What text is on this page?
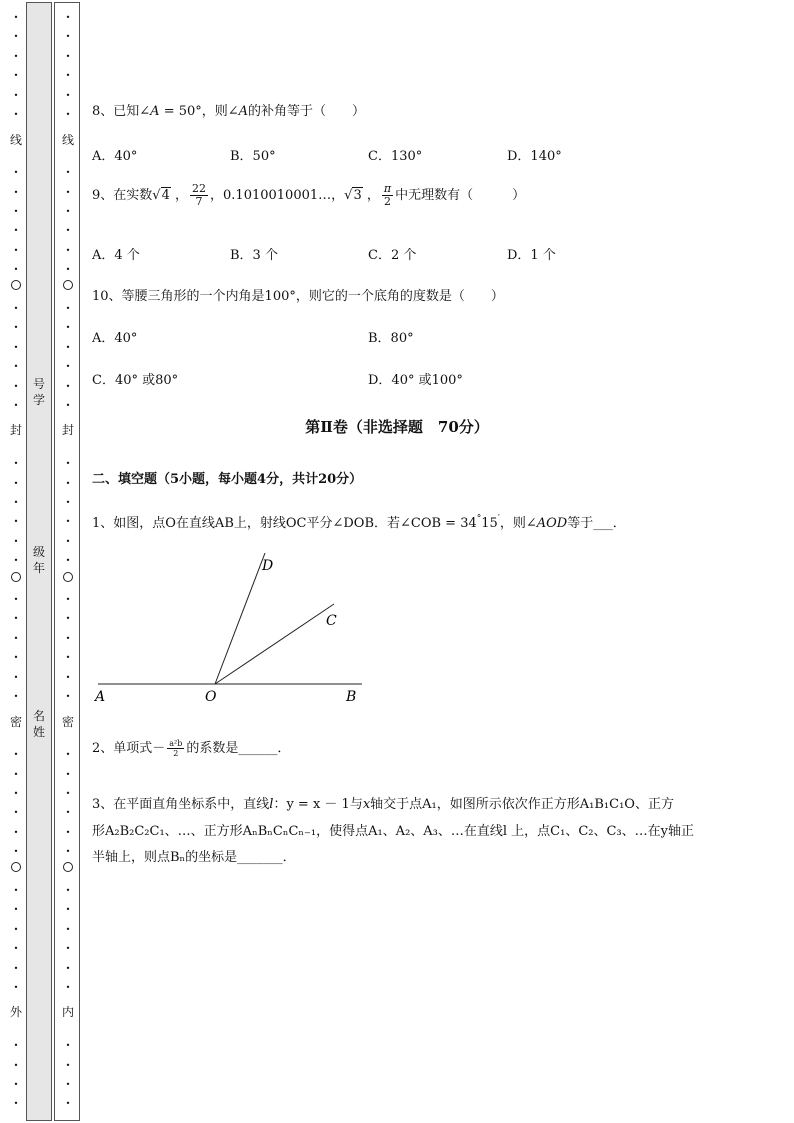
•
•
•
•
•
•
•
•
•
•
•
•
•
•
•
•
•
•
•
•
•
•
•
•
•
•
•
•
•
•
•
•
•
•
•
•
•
•
•
•
•
•
•
•
•
•
线
封
密
外
号
学
级
年
名
姓
•
•
•
•
•
•
•
•
•
•
•
•
•
•
•
•
•
•
•
•
•
•
•
•
•
•
•
•
•
•
•
•
•
•
•
•
•
•
•
•
•
•
•
•
•
•
线
封
密
内
8、已知∠A = 50°，则∠A的补角等于（　　）
A．40°	B．50°	C．130°	D．140°
9、在实数√4 ， $\frac{22}{7}$ ，0.1010010001…，√3 ， $\frac{\pi}{2}$ 中无理数有（　　　）
A．4 个	B．3 个	C．2 个	D．1 个
10、等腰三角形的一个内角是100°，则它的一个底角的度数是（　　）
A．40°	B．80°
C．40° 或80°	D．40° 或100°
第Ⅱ卷（非选择题　70分）
二、填空题（5小题，每小题4分，共计20分）
1、如图，点O在直线AB上，射线OC平分∠DOB．若∠COB = 34°15′，则∠AOD等于___．
A	O	B
C
D
2、单项式－ $\frac{\text{a²b}}{2}$ 的系数是______．
3、在平面直角坐标系中，直线l：y = x － 1与x轴交于点A₁，如图所示依次作正方形A₁B₁C₁O、正方
形A₂B₂C₂C₁、…、正方形AₙBₙCₙCₙ₋₁，使得点A₁、A₂、A₃、…在直线l 上，点C₁、C₂、C₃、…在y轴正
半轴上，则点Bₙ的坐标是_______．
